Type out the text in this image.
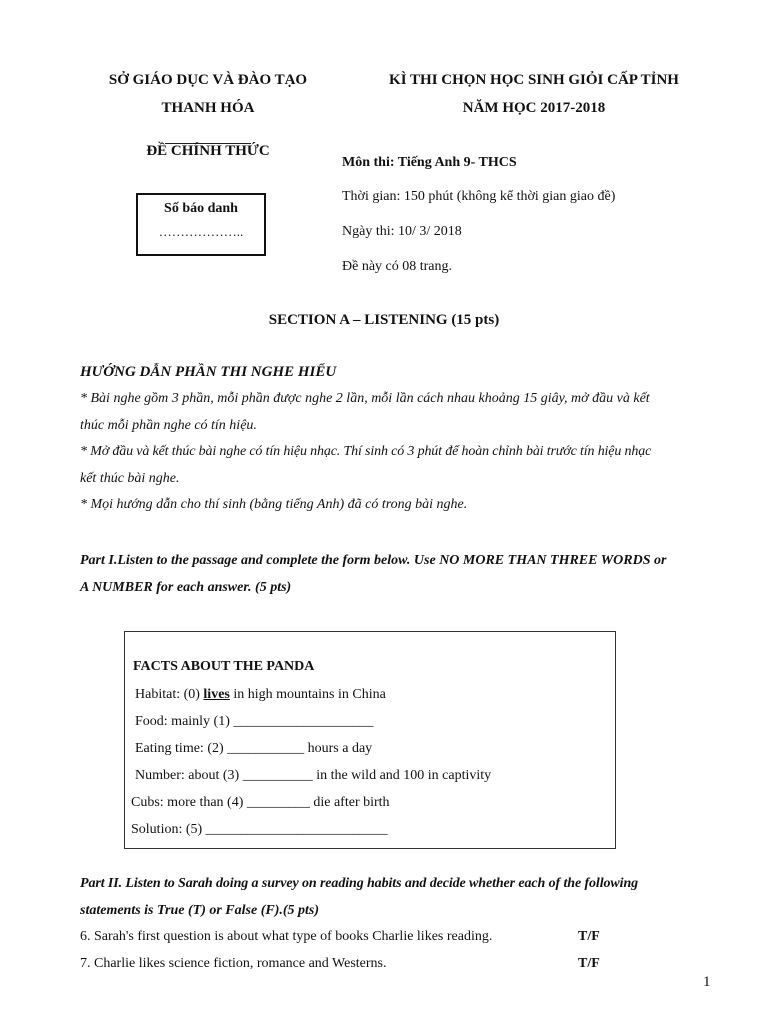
SỞ GIÁO DỤC VÀ ĐÀO TẠO
THANH HÓA
ĐỀ CHÍNH THỨC
Số báo danh
………………..
KÌ THI CHỌN HỌC SINH GIỎI CẤP TỈNH
NĂM HỌC 2017-2018
Môn thi: Tiếng Anh 9- THCS
Thời gian: 150 phút (không kể thời gian giao đề)
Ngày thi: 10/ 3/ 2018
Đề này có 08 trang.
SECTION A – LISTENING (15 pts)
HƯỚNG DẪN PHẦN THI NGHE HIỂU
* Bài nghe gồm 3 phần, mỗi phần được nghe 2 lần, mỗi lần cách nhau khoảng 15 giây, mở đầu và kết
thúc mỗi phần nghe có tín hiệu.
* Mở đầu và kết thúc bài nghe có tín hiệu nhạc. Thí sinh có 3 phút để hoàn chỉnh bài trước tín hiệu nhạc
kết thúc bài nghe.
* Mọi hướng dẫn cho thí sinh (bằng tiếng Anh) đã có trong bài nghe.
Part I.Listen to the passage and complete the form below. Use NO MORE THAN THREE WORDS or
A NUMBER for each answer. (5 pts)
FACTS ABOUT THE PANDA
Habitat: (0) lives in high mountains in China
Food: mainly (1) ____________________
Eating time: (2) ___________ hours a day
Number: about (3) __________ in the wild and 100 in captivity
Cubs: more than (4) _________ die after birth
Solution: (5) __________________________
Part II. Listen to Sarah doing a survey on reading habits and decide whether each of the following
statements is True (T) or False (F).(5 pts)
6. Sarah's first question is about what type of books Charlie likes reading.	T/F
7. Charlie likes science fiction, romance and Westerns.	T/F
1
